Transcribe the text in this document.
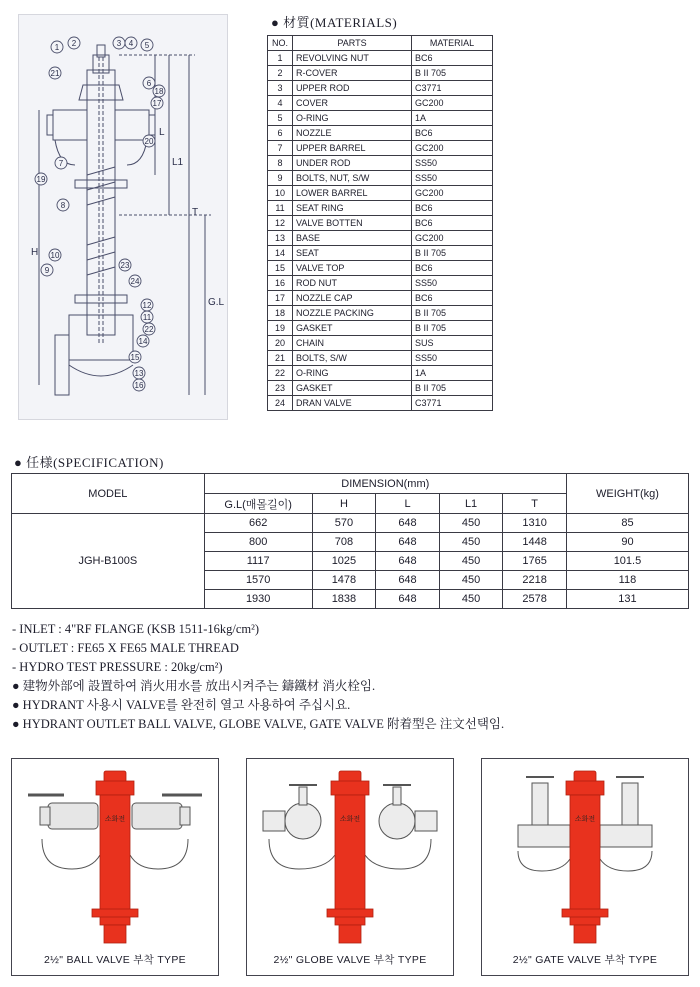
1 2	3 4 5
6
7
8
9
10
11
12
13
14
15
16
17
18
19
20
21
22
23
24
H
L
L1
T
G.L
● 材質(MATERIALS)
NO.	PARTS	MATERIAL
1	REVOLVING NUT	BC6
2	R-COVER	B II 705
3	UPPER ROD	C3771
4	COVER	GC200
5	O-RING	1A
6	NOZZLE	BC6
7	UPPER BARREL	GC200
8	UNDER ROD	SS50
9	BOLTS, NUT, S/W	SS50
10	LOWER BARREL	GC200
11	SEAT RING	BC6
12	VALVE BOTTEN	BC6
13	BASE	GC200
14	SEAT	B II 705
15	VALVE TOP	BC6
16	ROD NUT	SS50
17	NOZZLE CAP	BC6
18	NOZZLE PACKING	B II 705
19	GASKET	B II 705
20	CHAIN	SUS
21	BOLTS, S/W	SS50
22	O-RING	1A
23	GASKET	B II 705
24	DRAN VALVE	C3771
● 任様(SPECIFICATION)
MODEL	DIMENSION(mm)					WEIGHT(kg)
	G.L(매몰길이)	H	L	L1	T	
JGH-B100S	662	570	648	450	1310	85
	800	708	648	450	1448	90
	1117	1025	648	450	1765	101.5
	1570	1478	648	450	2218	118
	1930	1838	648	450	2578	131
- INLET : 4"RF FLANGE (KSB 1511-16kg/cm²)
- OUTLET : FE65 X FE65 MALE THREAD
- HYDRO TEST PRESSURE : 20kg/cm²)
● 建物外部에 設置하여 消火用水를 放出시켜주는 鑄鐵材 消火栓임.
● HYDRANT 사용시 VALVE를 완전히 열고 사용하여 주십시요.
● HYDRANT OUTLET BALL VALVE, GLOBE VALVE, GATE VALVE 附着型은 注文선택임.
소화전
2½" BALL VALVE 부착 TYPE
소화전
2½" GLOBE VALVE 부착 TYPE
소화전
2½" GATE VALVE 부착 TYPE
